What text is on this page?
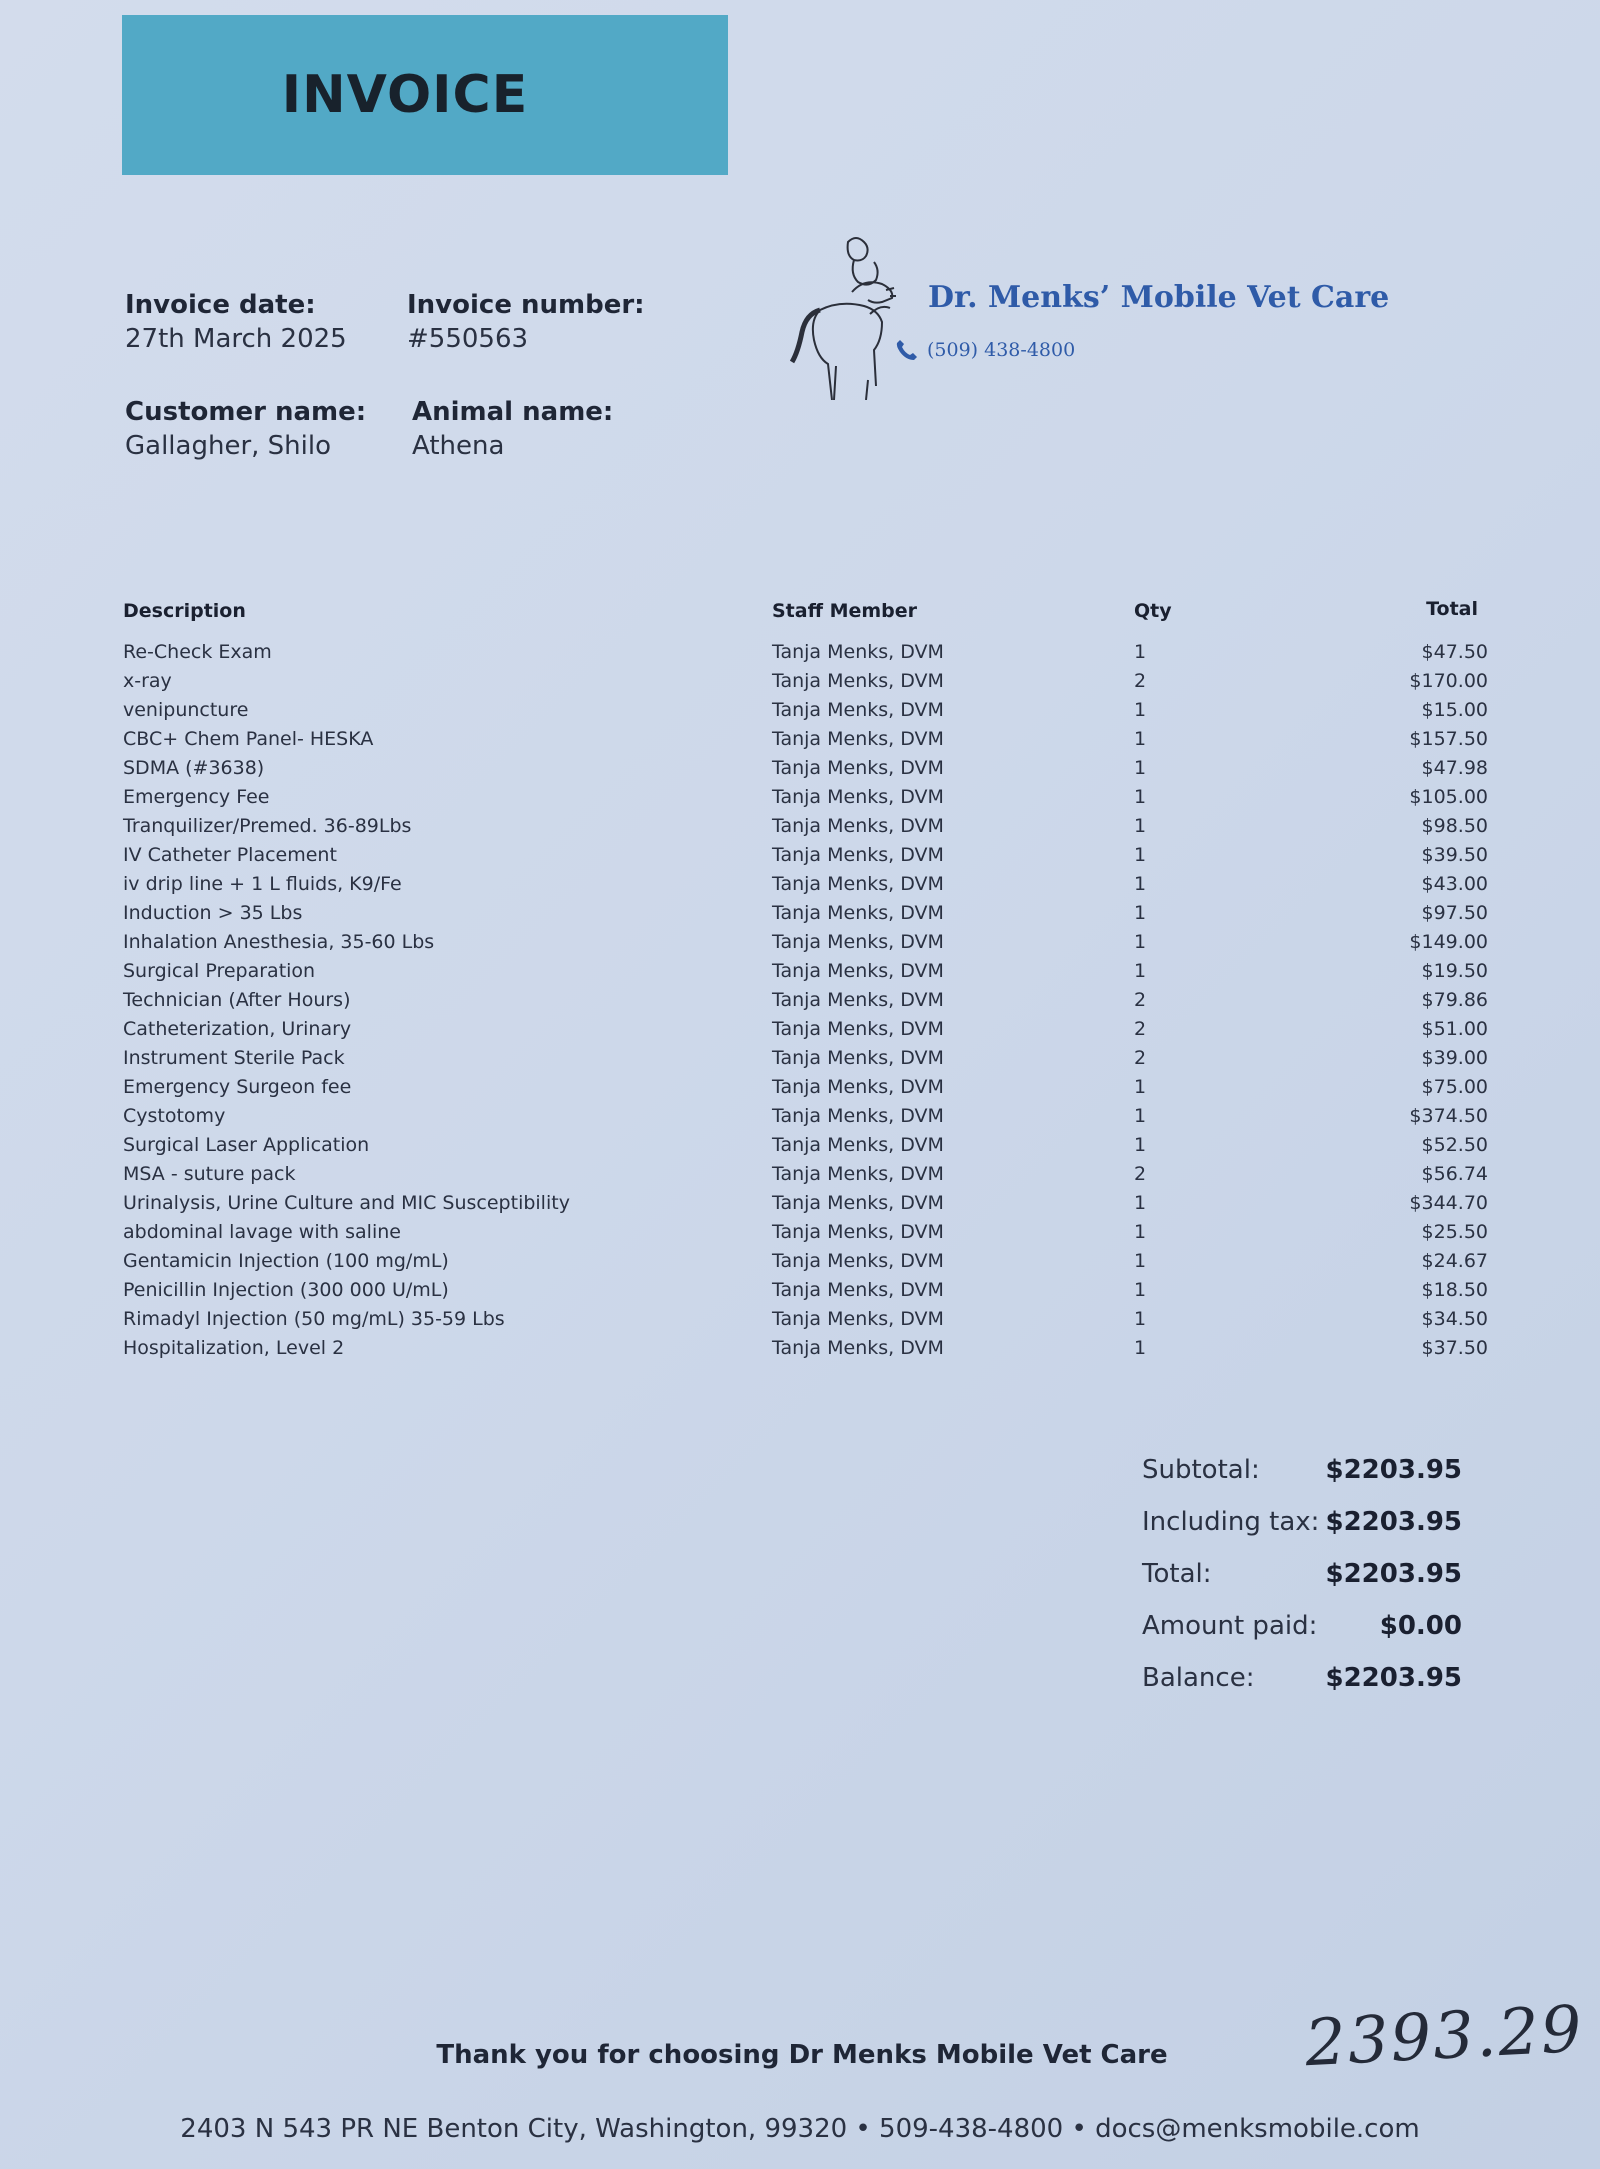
INVOICE
Invoice date:
27th March 2025
Invoice number:
#550563
Customer name:
Gallagher, Shilo
Animal name:
Athena
Dr. Menks’ Mobile Vet Care
(509) 438-4800
Description	Staff Member	Qty	Total
Re-Check Exam	Tanja Menks, DVM	1	$47.50
x-ray	Tanja Menks, DVM	2	$170.00
venipuncture	Tanja Menks, DVM	1	$15.00
CBC+ Chem Panel- HESKA	Tanja Menks, DVM	1	$157.50
SDMA (#3638)	Tanja Menks, DVM	1	$47.98
Emergency Fee	Tanja Menks, DVM	1	$105.00
Tranquilizer/Premed. 36-89Lbs	Tanja Menks, DVM	1	$98.50
IV Catheter Placement	Tanja Menks, DVM	1	$39.50
iv drip line + 1 L fluids, K9/Fe	Tanja Menks, DVM	1	$43.00
Induction > 35 Lbs	Tanja Menks, DVM	1	$97.50
Inhalation Anesthesia, 35-60 Lbs	Tanja Menks, DVM	1	$149.00
Surgical Preparation	Tanja Menks, DVM	1	$19.50
Technician (After Hours)	Tanja Menks, DVM	2	$79.86
Catheterization, Urinary	Tanja Menks, DVM	2	$51.00
Instrument Sterile Pack	Tanja Menks, DVM	2	$39.00
Emergency Surgeon fee	Tanja Menks, DVM	1	$75.00
Cystotomy	Tanja Menks, DVM	1	$374.50
Surgical Laser Application	Tanja Menks, DVM	1	$52.50
MSA - suture pack	Tanja Menks, DVM	2	$56.74
Urinalysis, Urine Culture and MIC Susceptibility	Tanja Menks, DVM	1	$344.70
abdominal lavage with saline	Tanja Menks, DVM	1	$25.50
Gentamicin Injection (100 mg/mL)	Tanja Menks, DVM	1	$24.67
Penicillin Injection (300 000 U/mL)	Tanja Menks, DVM	1	$18.50
Rimadyl Injection (50 mg/mL) 35-59 Lbs	Tanja Menks, DVM	1	$34.50
Hospitalization, Level 2	Tanja Menks, DVM	1	$37.50
Subtotal:	$2203.95
Including tax: $2203.95
Total:	$2203.95
Amount paid: $0.00
Balance:	$2203.95
Thank you for choosing Dr Menks Mobile Vet Care	2393.29
2403 N 543 PR NE Benton City, Washington, 99320 • 509-438-4800 • docs@menksmobile.com
